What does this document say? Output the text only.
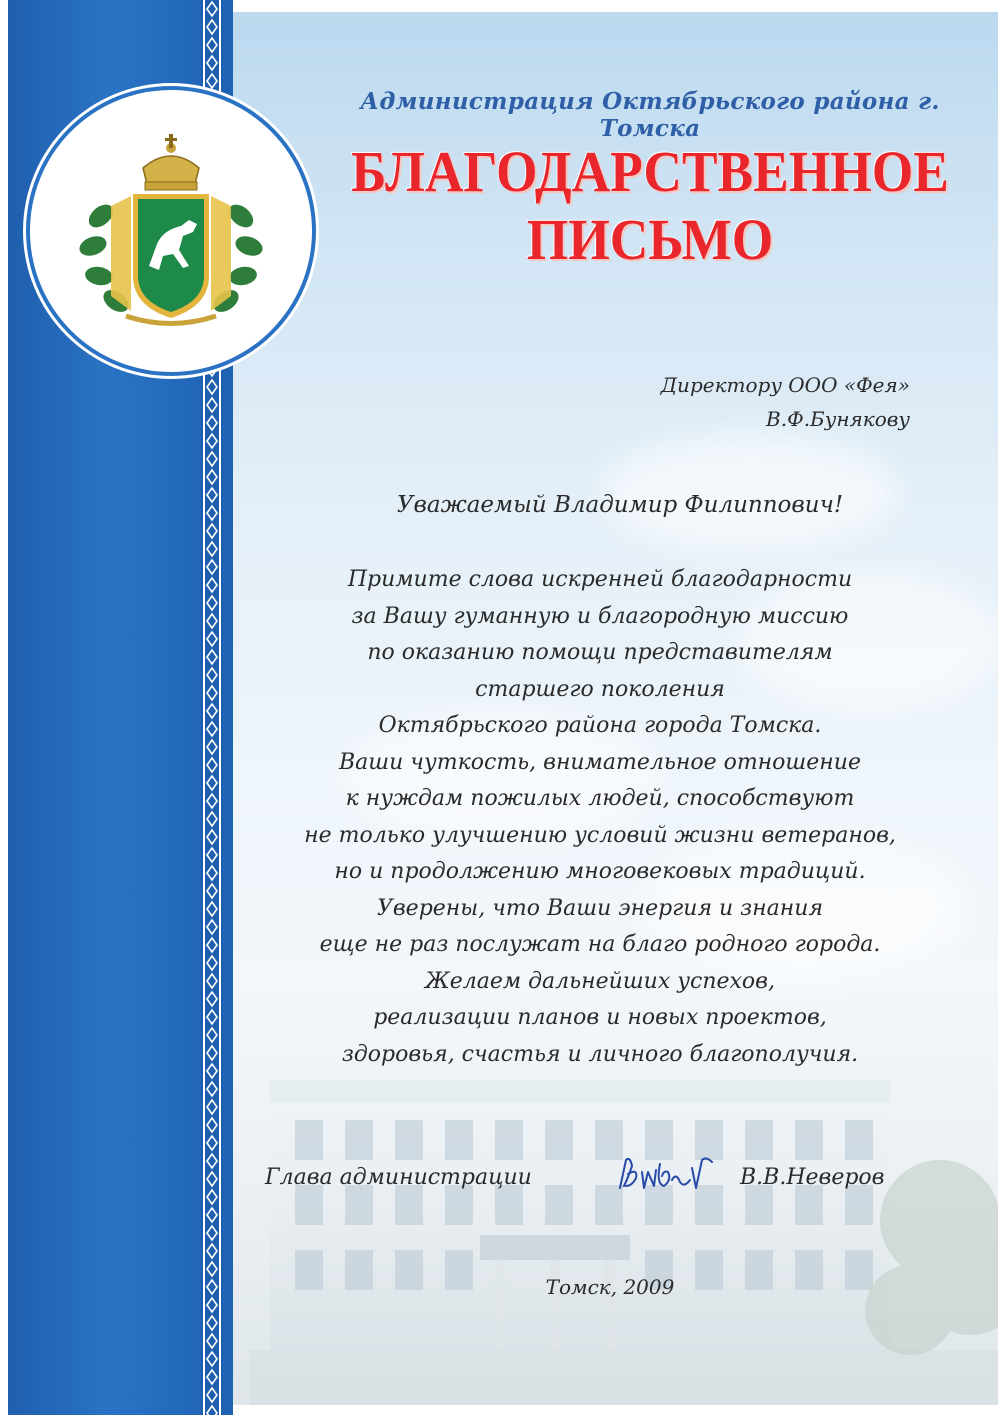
Администрация Октябрьского района г. Томска
БЛАГОДАРСТВЕННОЕ
ПИСЬМО
Директору ООО «Фея»
В.Ф.Бунякову
Уважаемый Владимир Филиппович!
Примите слова искренней благодарности
за Вашу гуманную и благородную миссию
по оказанию помощи представителям
старшего поколения
Октябрьского района города Томска.
Ваши чуткость, внимательное отношение
к нуждам пожилых людей, способствуют
не только улучшению условий жизни ветеранов,
но и продолжению многовековых традиций.
Уверены, что Ваши энергия и знания
еще не раз послужат на благо родного города.
Желаем дальнейших успехов,
реализации планов и новых проектов,
здоровья, счастья и личного благополучия.
Глава администрации	В.В.Неверов
Томск, 2009
